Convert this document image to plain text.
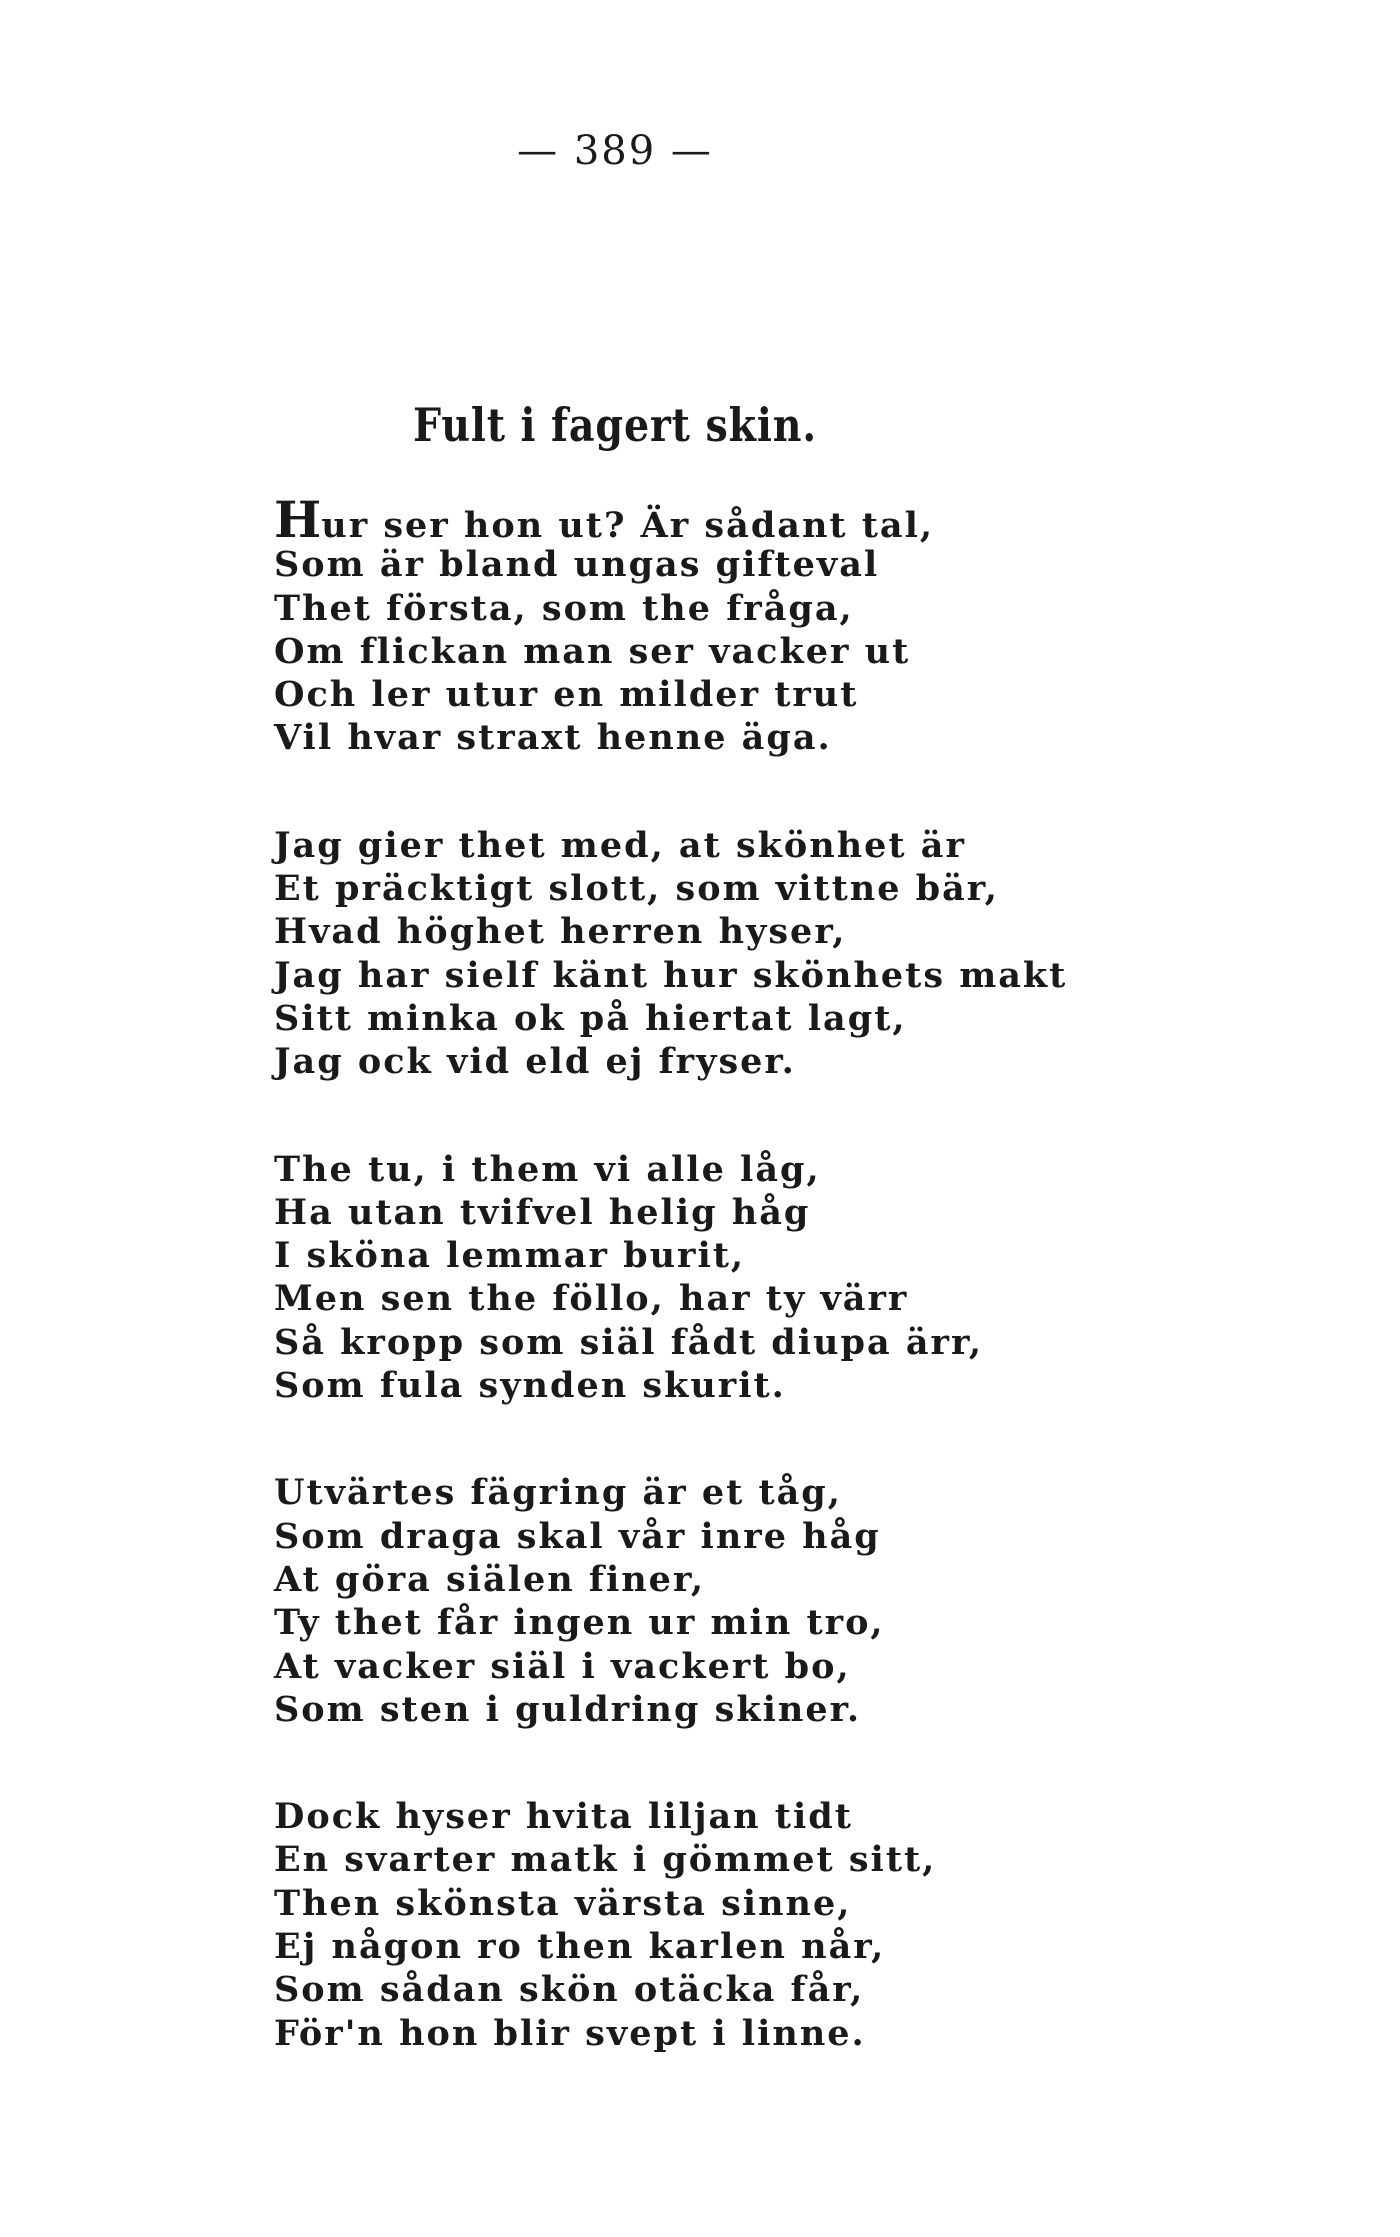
— 389 —
Fult i fagert skin.
Hur ser hon ut? Är sådant tal,
Som är bland ungas gifteval
Thet första, som the fråga,
Om flickan man ser vacker ut
Och ler utur en milder trut
Vil hvar straxt henne äga.
Jag gier thet med, at skönhet är
Et präcktigt slott, som vittne bär,
Hvad höghet herren hyser,
Jag har sielf känt hur skönhets makt
Sitt minka ok på hiertat lagt,
Jag ock vid eld ej fryser.
The tu, i them vi alle låg,
Ha utan tvifvel helig håg
I sköna lemmar burit,
Men sen the föllo, har ty värr
Så kropp som siäl fådt diupa ärr,
Som fula synden skurit.
Utvärtes fägring är et tåg,
Som draga skal vår inre håg
At göra siälen finer,
Ty thet får ingen ur min tro,
At vacker siäl i vackert bo,
Som sten i guldring skiner.
Dock hyser hvita liljan tidt
En svarter matk i gömmet sitt,
Then skönsta värsta sinne,
Ej någon ro then karlen når,
Som sådan skön otäcka får,
För'n hon blir svept i linne.
